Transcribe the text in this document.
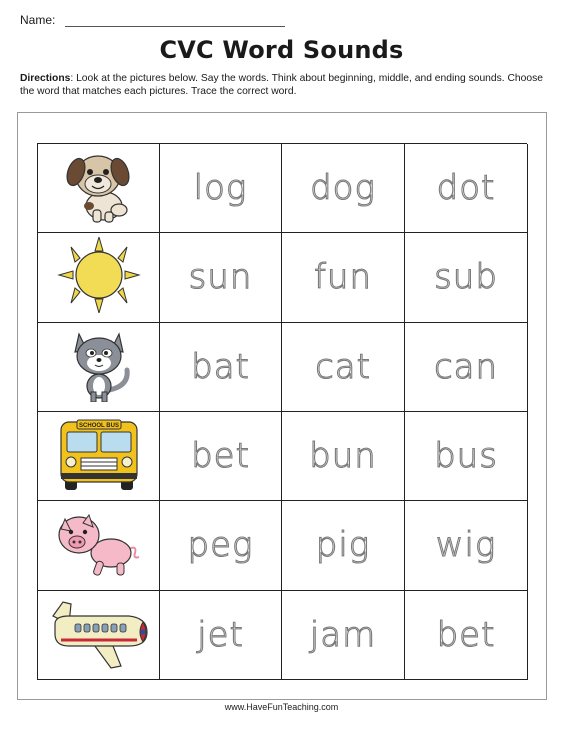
Name:
CVC Word Sounds
Directions: Look at the pictures below. Say the words. Think about beginning, middle, and ending sounds. Choose the word that matches each pictures. Trace the correct word.
log dog dot
sun fun sub
bat cat can
SCHOOL BUS
bet bun bus
peg pig wig
jet jam bet
www.HaveFunTeaching.com
